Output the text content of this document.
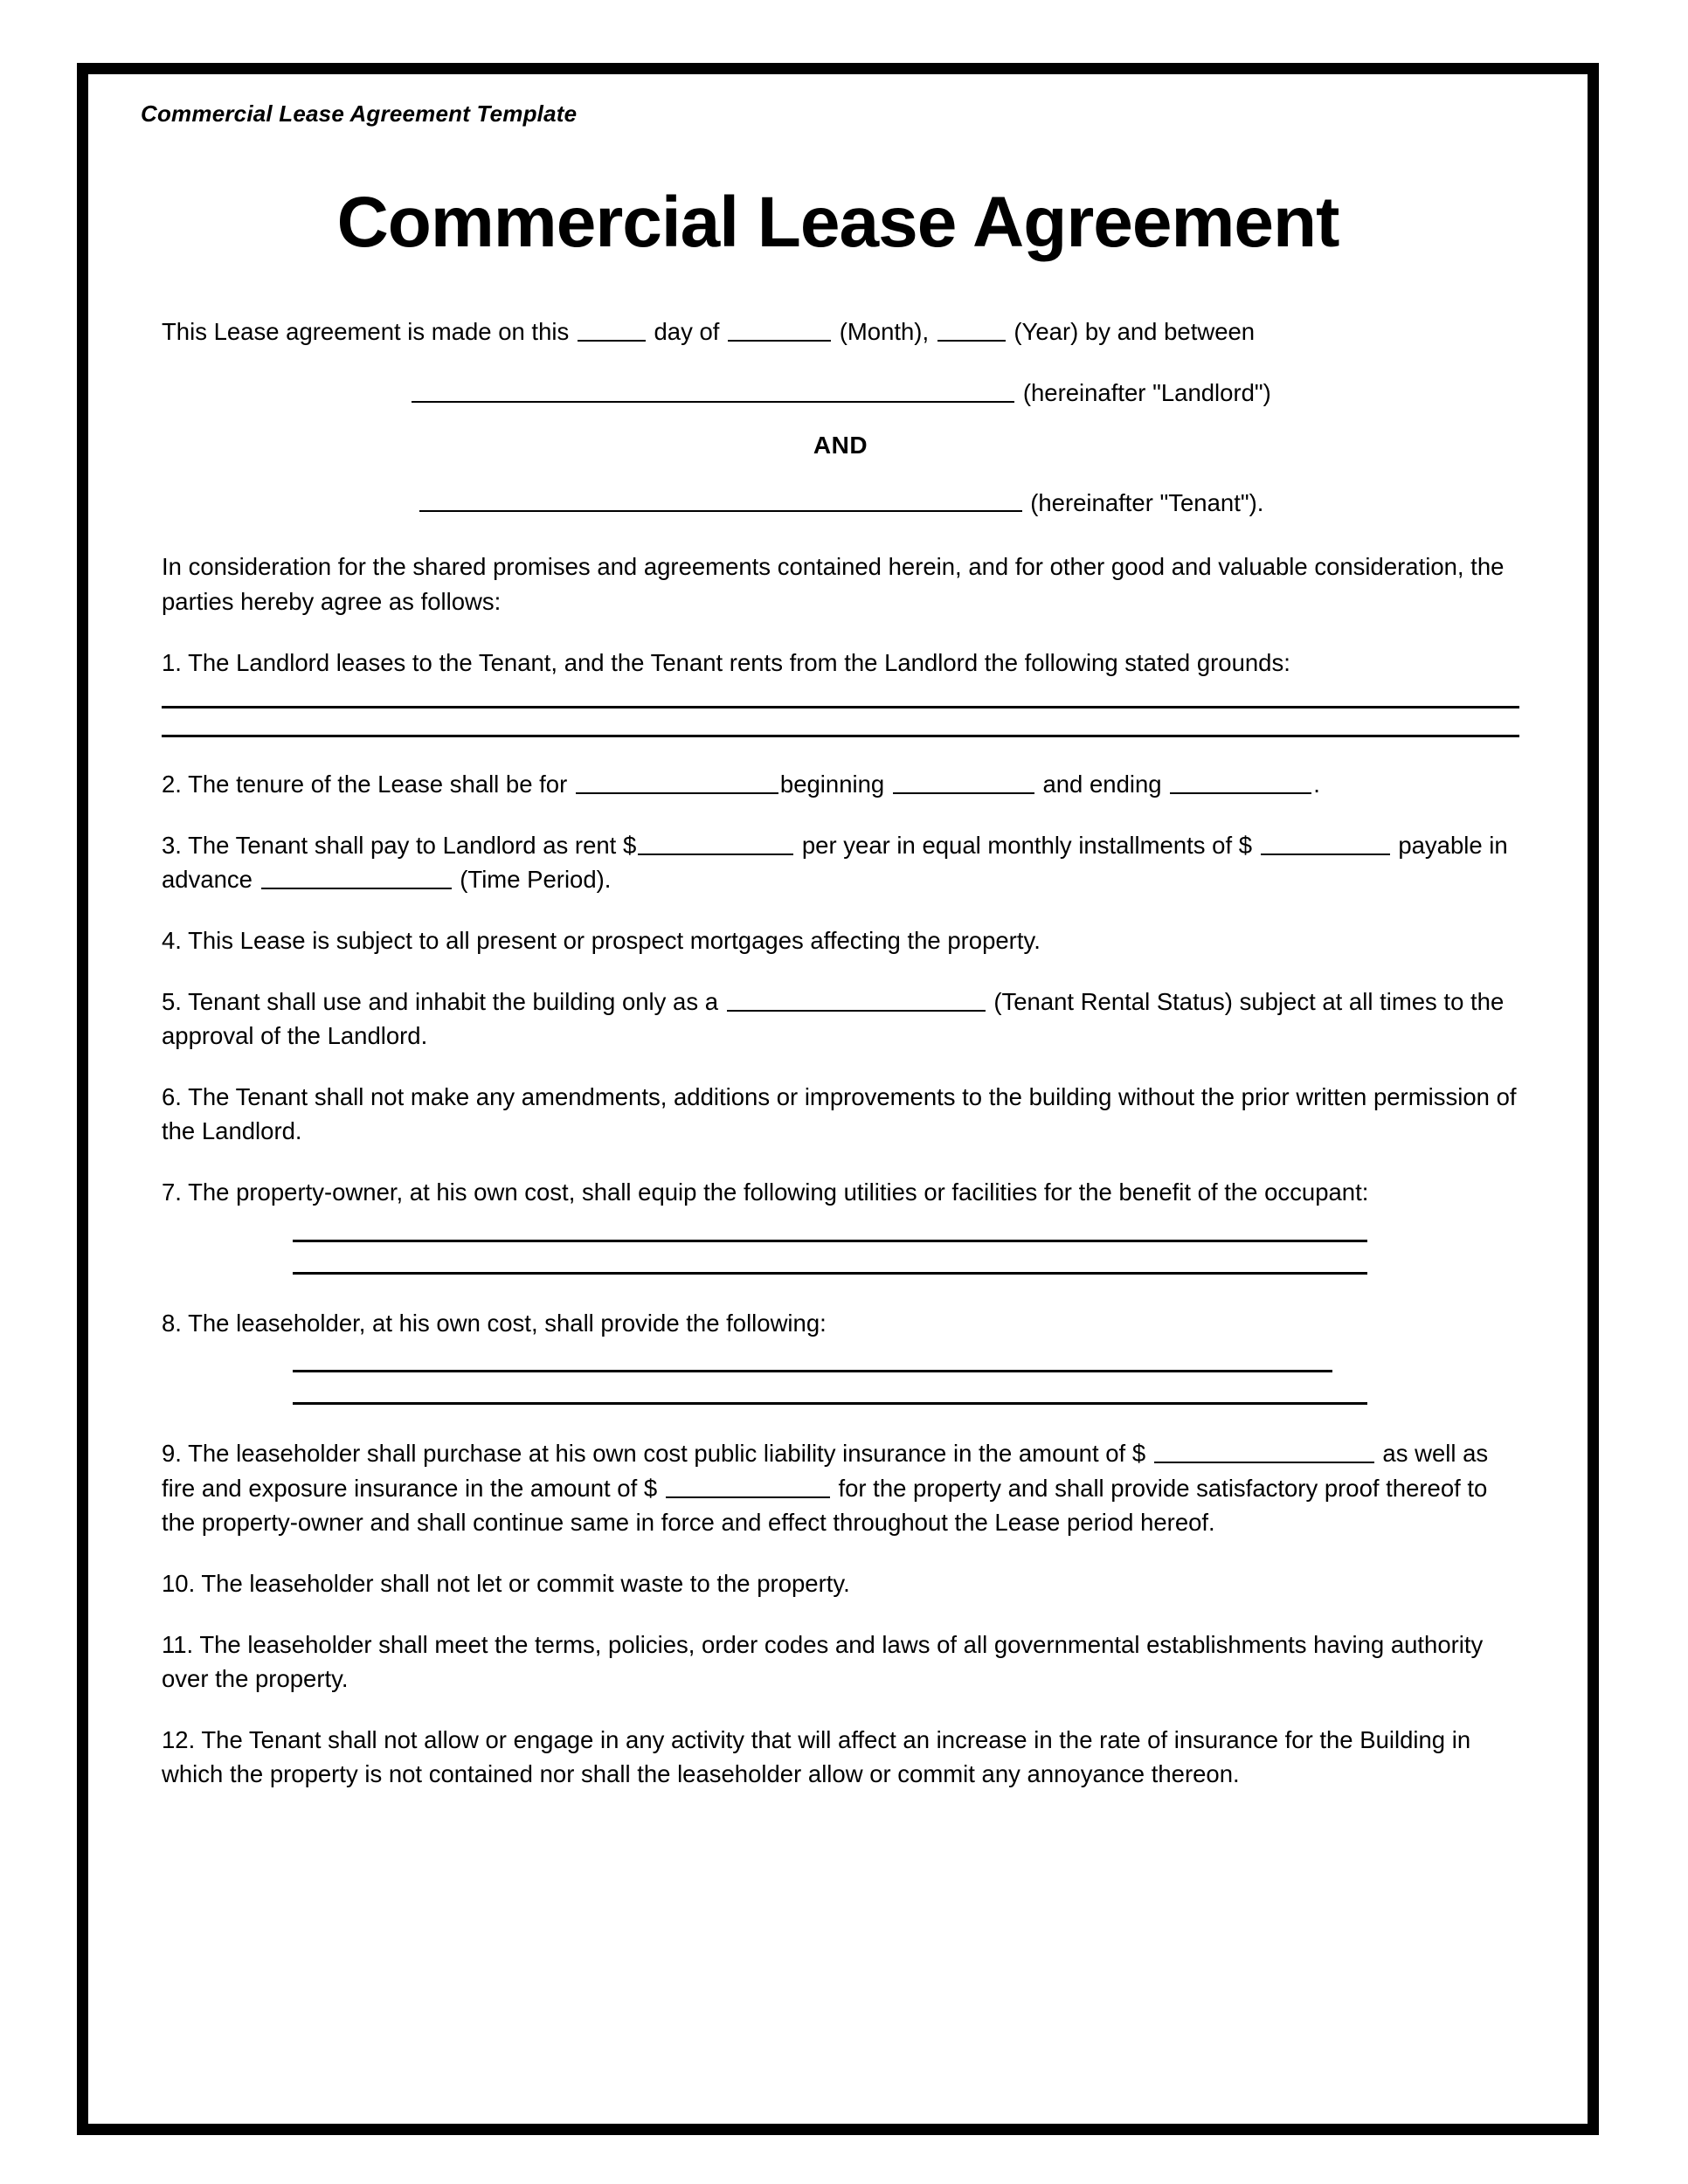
Commercial Lease Agreement Template
Commercial Lease Agreement

This Lease agreement is made on this	day of	(Month),	(Year) by and between

(hereinafter "Landlord")

AND

(hereinafter "Tenant").

In consideration for the shared promises and agreements contained herein, and for other good and valuable consideration, the parties hereby agree as follows:

1. The Landlord leases to the Tenant, and the Tenant rents from the Landlord the following stated grounds:

2. The tenure of the Lease shall be for	beginning	and ending	.

3. The Tenant shall pay to Landlord as rent $	per year in equal monthly installments of $	payable in advance	(Time Period).

4. This Lease is subject to all present or prospect mortgages affecting the property.

5. Tenant shall use and inhabit the building only as a	(Tenant Rental Status) subject at all times to the approval of the Landlord.

6. The Tenant shall not make any amendments, additions or improvements to the building without the prior written permission of the Landlord.

7. The property-owner, at his own cost, shall equip the following utilities or facilities for the benefit of the occupant:

8. The leaseholder, at his own cost, shall provide the following:

9. The leaseholder shall purchase at his own cost public liability insurance in the amount of $	as well as fire and exposure insurance in the amount of $	for the property and shall provide satisfactory proof thereof to the property-owner and shall continue same in force and effect throughout the Lease period hereof.

10. The leaseholder shall not let or commit waste to the property.

11. The leaseholder shall meet the terms, policies, order codes and laws of all governmental establishments having authority over the property.

12. The Tenant shall not allow or engage in any activity that will affect an increase in the rate of insurance for the Building in which the property is not contained nor shall the leaseholder allow or commit any annoyance thereon.
